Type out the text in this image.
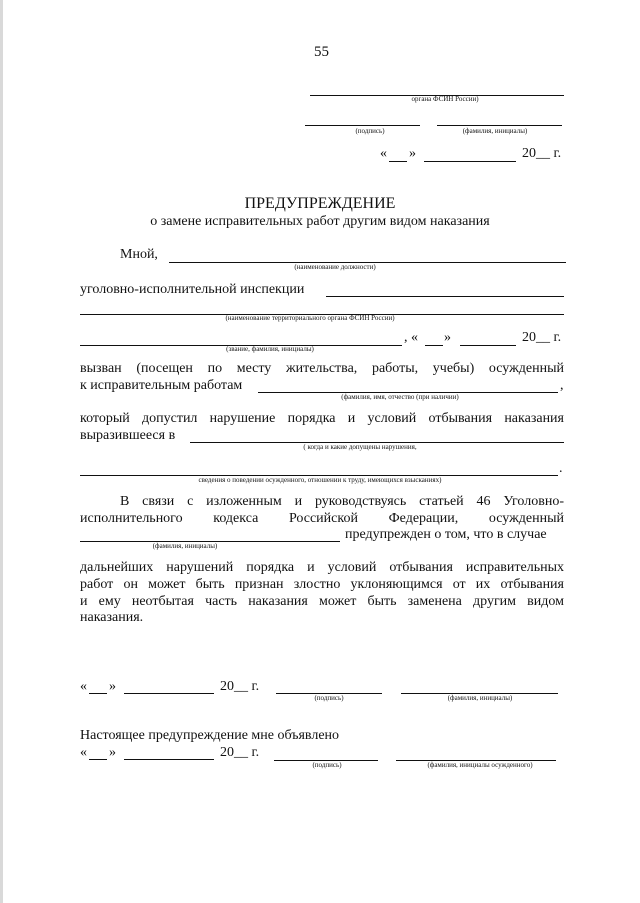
55
органа ФСИН России)
(подпись)	(фамилия, инициалы)
« »	20__ г.
ПРЕДУПРЕЖДЕНИЕ
о замене исправительных работ другим видом наказания
Мной,
(наименование должности)
уголовно-исполнительной инспекции
(наименование территориального органа ФСИН России)
, « »	20__ г.
(звание, фамилия, инициалы)
вызван (посещен по месту жительства, работы, учебы) осужденный
к исправительным работам	,
(фамилия, имя, отчество (при наличии)
который допустил нарушение порядка и условий отбывания наказания
выразившееся в
( когда и какие допущены нарушения,
.
сведения о поведении осужденного, отношении к труду, имеющихся взысканиях)
В связи с изложенным и руководствуясь статьей 46 Уголовно-
исполнительного кодекса Российской Федерации, осужденный
предупрежден о том, что в случае
(фамилия, инициалы)
дальнейших нарушений порядка и условий отбывания исправительных
работ он может быть признан злостно уклоняющимся от их отбывания
и ему неотбытая часть наказания может быть заменена другим видом
наказания.
« »	20__ г.
(подпись)	(фамилия, инициалы)
Настоящее предупреждение мне объявлено
« »	20__ г.
(подпись)	(фамилия, инициалы осужденного)
